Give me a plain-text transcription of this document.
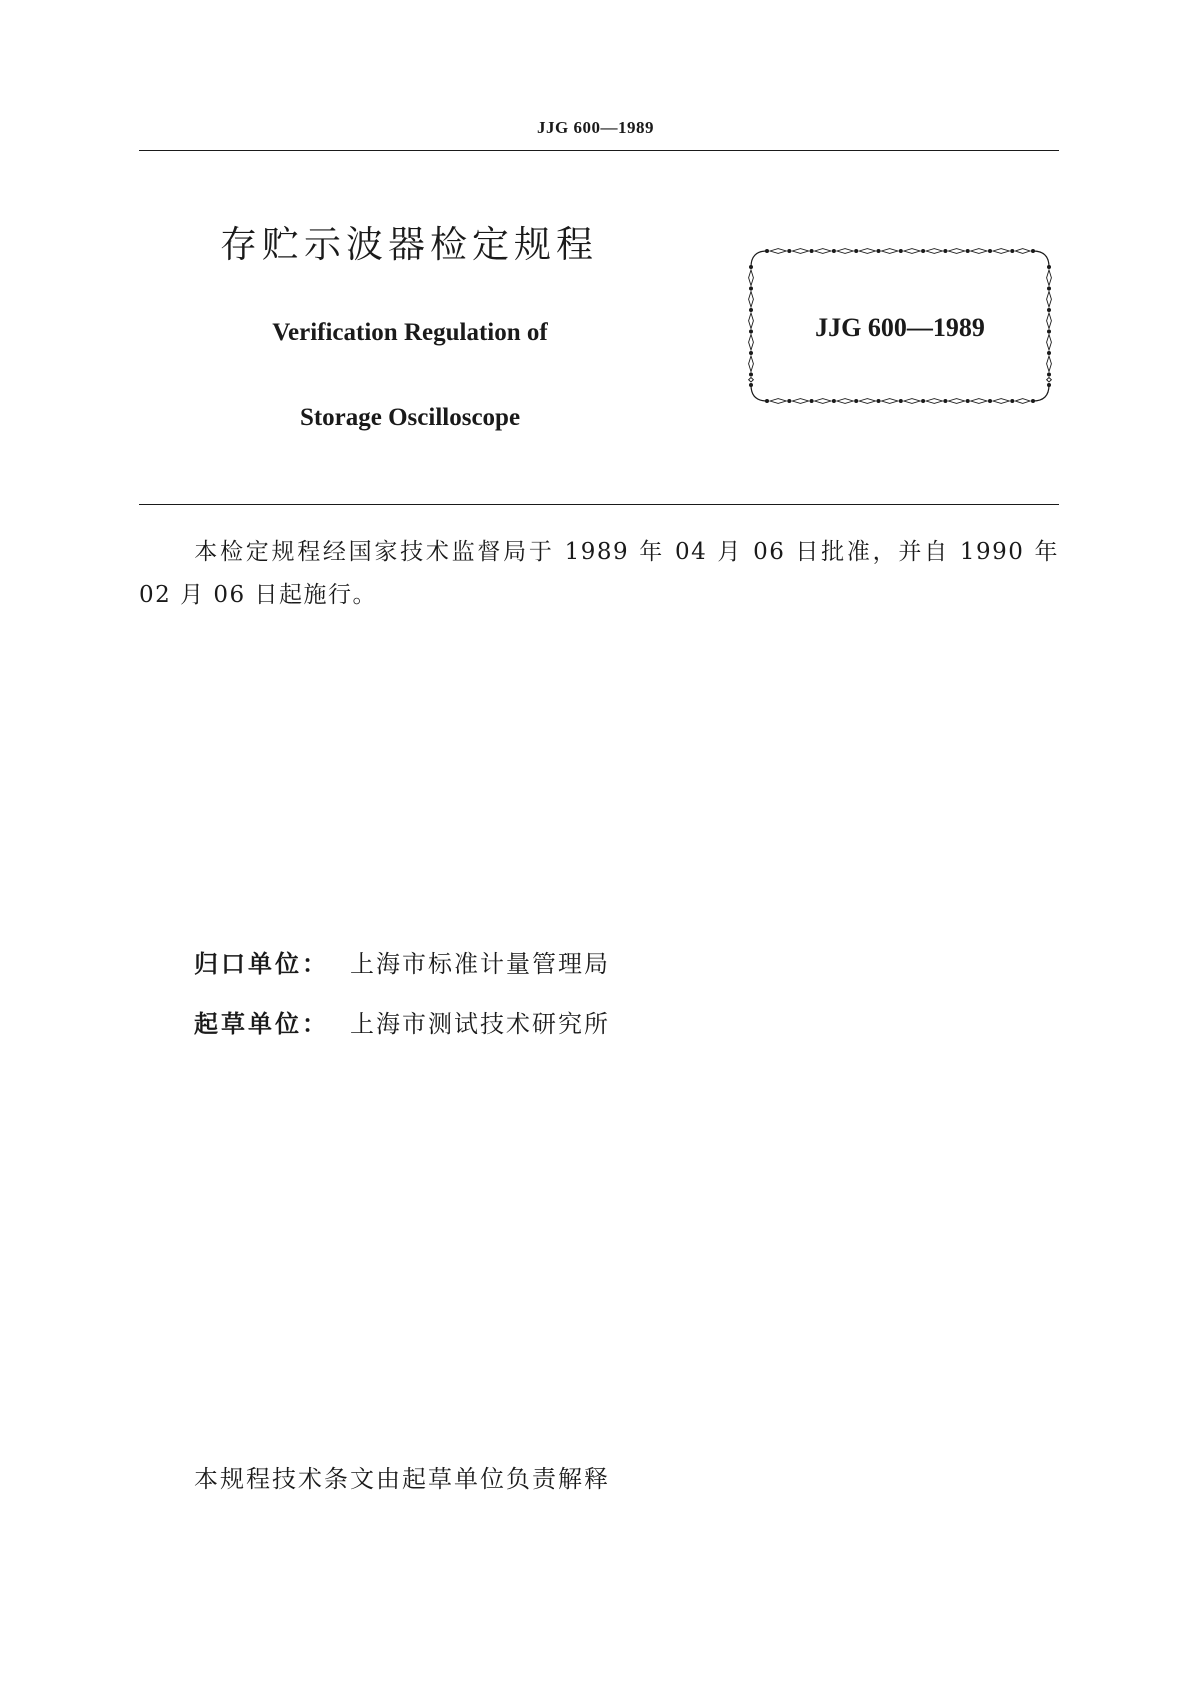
JJG 600—1989
存贮示波器检定规程
Verification Regulation of
Storage Oscilloscope
JJG 600—1989
本检定规程经国家技术监督局于 1989 年 04 月 06 日批准，并自 1990 年 02 月 06 日起施行。
归口单位： 上海市标准计量管理局
起草单位： 上海市测试技术研究所
本规程技术条文由起草单位负责解释
